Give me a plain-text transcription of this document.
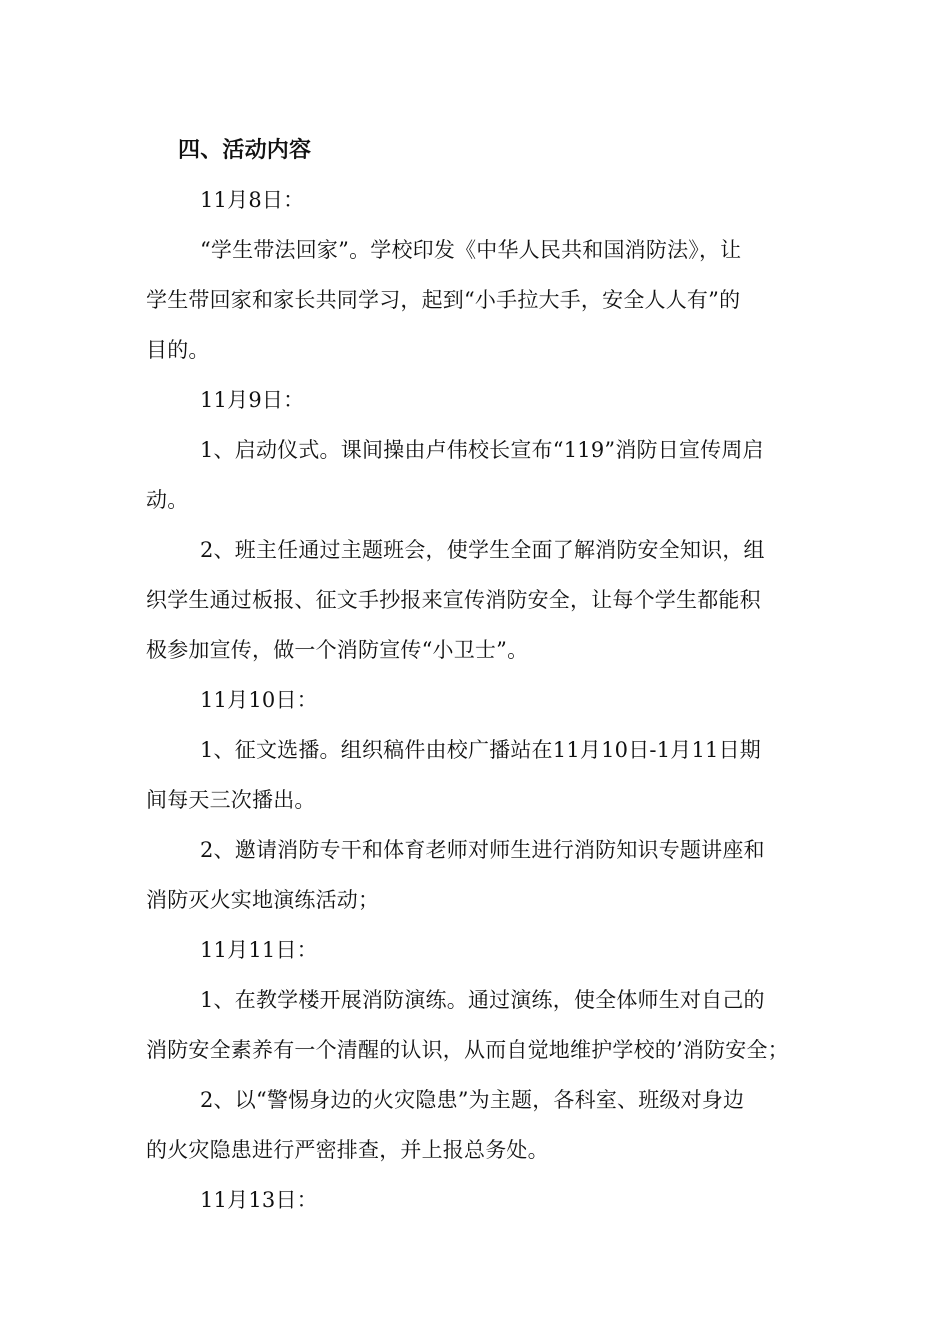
四、活动内容
11月8日：
“学生带法回家”。学校印发《中华人民共和国消防法》，让
学生带回家和家长共同学习，起到“小手拉大手，安全人人有”的
目的。
11月9日：
1、启动仪式。课间操由卢伟校长宣布“119”消防日宣传周启
动。
2、班主任通过主题班会，使学生全面了解消防安全知识，组
织学生通过板报、征文手抄报来宣传消防安全，让每个学生都能积
极参加宣传，做一个消防宣传“小卫士”。
11月10日：
1、征文选播。组织稿件由校广播站在11月10日-1月11日期
间每天三次播出。
2、邀请消防专干和体育老师对师生进行消防知识专题讲座和
消防灭火实地演练活动；
11月11日：
1、在教学楼开展消防演练。通过演练，使全体师生对自己的
消防安全素养有一个清醒的认识，从而自觉地维护学校的’消防安全；
2、以“警惕身边的火灾隐患”为主题，各科室、班级对身边
的火灾隐患进行严密排查，并上报总务处。
11月13日：
